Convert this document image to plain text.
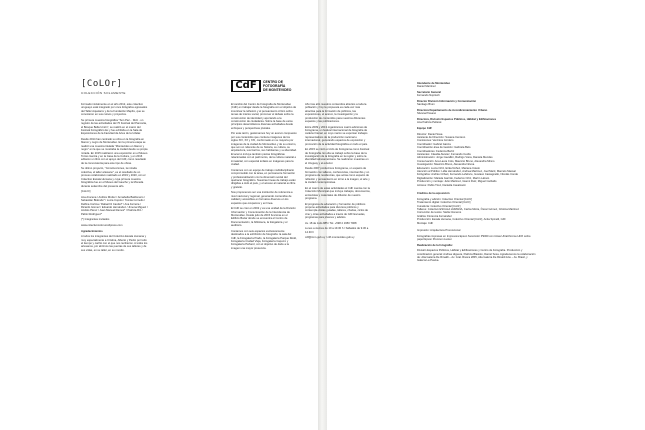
[CoLOr]
COLECCIÓN SOLAMENTE
CdF	CENTRO DE
FOTOGRAFÍA
DE MONTEVIDEO

Formado inicialmente en el año 2012, este colectivo uruguayo está integrado por once fotógrafos egresados del Taller Aquelarre y de la Fundación Mapfre, que se conocieron en sus cursos y proyectos.

Su primera muestra fotográfica "Son Paz... Dicit - un registro de las actividades del 70 Festival del Pancarta, el Bosque Bella Unión", se realizó en el marco del Festival Fotográfico Ex y fue exhibida en la Sala de Exposiciones de la Facultad de Artes de la Udelar.

Desde 2014 han centrado su obra en la fotografía en blanco y negro de Montevideo. En la primera etapa se realizó una muestra titulada "Montevideo en blanco y negro" en la que se mostraba la ciudad desde su propia mirada. En 2015 realizaron una exposición en el Museo Torres García y en la Casa de la Cultura, y en 2016 editaron un libro con el apoyo del CdF, como resultado de la convocatoria para este tipo de obras.

Su último proyecto, "Construcciones, la mirada colectiva, el taller artesano", es el resultado de un proceso colaborativo realizado en 2019 y 2020, con el Colectivo Escala Humana y cuya primera muestra fotográfica fue en el Museo del Gaucho y la Moneda durante setiembre del presente año.

[CoLOr]

Ana Arocena / Andrés Rinder / Annabella Baldomero / Sebastián Bidonde* / Lucía Copolo / Tomás Cornelio / Delfina Cortina / Rafael Di Candel* / Ana Ferreira / Ricardo Gómez / Eduardo Hernández / Jimena Miguez / Andrés Pérez / Juan Manuel Ramos* / Patricia Riz / Pablo Rodríguez*

(*) Integrantes invitados

www.colectivocolor.wordpress.com

Agradecimientos

A todos los integrantes del Colectivo Escala Humana y muy especialmente a Cristina, Alberto y Pedro por todo el tiempo y cariño con el que nos recibieron. A todos los artesanos, por abrirnos las puertas de sus talleres y de sus vidas, en su taller, en su mundo.

El cambio del Centro de Fotografía de Montevideo (CdF) en trabajar desde la fotografía con el objetivo de incentivar la reflexión y el pensamiento crítico sobre temas de interés social, promover el debate sobre la construcción de identidad y aportando a la construcción de ciudadanía. Sobre la base de estos principios desarrollamos diversas actividades desde enfoques y perspectivas plurales.

Por esta razón, gestionamos hoy un acervo compuesto por sus contenidos que contiene imágenes de los siglos XIX, XX y XXI, conformado en su mayoría por imágenes de la ciudad de Montevideo y de su entorno, que son un referente de su historia, su cultura, su arquitectura, sus barrios, sus habitantes y su identidad. El acervo incluye también piezas fotográficas relacionadas con el patrimonio, de la cultura material e inmaterial, con especial énfasis en imágenes para la ciudad.

Contamos con un equipo de trabajo multidisciplinario comprometido con la tarea, en permanente formación y profesionalización con la dimensión social del quehacer fotográfico. Nuestras líneas de trabajo están dirigidas a todo el país, y el acceso al material es libre y gratuito.

Nos proponemos ser una institución de referencia a nivel nacional y regional, generando contenidos de calidad y accesibles en formatos diversos en los espacios que ocupamos y en línea.

El CdF se creó en 2002 y es una unidad de la División Información y Comunicación de la Intendencia de Montevideo. Desde julio de 2015 funciona en el Edificio Bazar donde se encuentra el Centro de Documentación, la biblioteca, la fotogalería y el auditorio.

Contamos con seis espacios exclusivamente destinados a la exhibición de fotografía: la sala del CdF, la Fotogalería Prado, la Fotogalería Parque Rodó, Fotogalería Ciudad Vieja, Fotogalería Capurro y Fotogalería Peñarol, con el objetivo de darle a la imagen una mayor presencia.

Año tras año nuestros contenidos abiertos a toda la población y hoy la propuesta es cada vez más atractiva para la formación de públicos, las exposiciones, el acervo, la investigación y la producción de contenidos para nuestros diferentes espacios y las publicaciones.

Entre 2009 y 2013 organizamos cuatro ediciones de Fotograma, un festival internacional de fotografía de carácter bienal, en cuyo marco se exponían trabajos representativos de la producción nacional e internacional, generando espacios de exposición y promoción de la actividad fotográfica en todo el país.

En 2015 se inició el ciclo de Fotograma como Festival de Fotografía. En ella se trabajó sobre la base de la investigación de la fotografía en la región y sobre la identidad latinoamericana. Se realizaron muestras en el Uruguay y el exterior.

Desde 2007 producimos Fotograma, un espacio de formación con talleres, conferencias, intercambio y un programa de residencias, que actúa como espacio de reflexión y pensamiento en torno a la imagen, el arte y la ciudad contemporánea.

En el marco de estas actividades el CdF cuenta con la Colección Municipal que incluye trabajos, documentos, entrevistas y materiales de difusión de nuestro programa.

El programa de educación y formación de públicos propone actividades para diversos públicos y contempla visitas guiadas, talleres, charlas, ciclos de cine y otras actividades a través de CdF Escuelas, programas para jóvenes y adultos.

Av. 18 de Julio 885 / Tel. +598 2 1950 7968

Lunes a viernes de 10 a 19.30 h / Sábados de 9.30 a 14.30 h

cdf@imm.gub.uy / cdf.montevideo.gub.uy

Intendente de Montevideo
Daniel Martínez

Secretario General
Fernando Nopitsch

Director División Información y Comunicación
Santiago Brum

Directora Departamento de Acondicionamiento Urbano
Silvana Pissano

Directora, División Espacios Públicos, Hábitat y Edificaciones
Ana Patricia Pellerat

Equipo CdF

Director: Daniel Sosa
Asistente de Dirección: Susana Centeno
Comisiones: Verónica Cordero
Coordinador: Gabriel García
Coordinación área de Gestión: Gabriela Belo
Coordinadores: Federica Bertiz
Asistentes: Claudia Alvarez, Fernando Cerdá
Administración: Jorge Cavallini, Rodrigo Viera, Daniela Mendes
Conservación: Ana Laura Colo, Mauricio Bruno, Alexandra Minno
Investigación: Mauricio Bruno, Alexandra Nóvoa
Educación: Lucía Ortiz, Erika Núñez, Mariana Cotelo
Atención al Público: Lidia Hernández, Andrea Martínez, Joel Martí, Marcelo Macsal
Fotógrafos: Andrés Cribari, Fernando Lefebvre, Gustavo Castagnello, Nicolás Conde
Digitalización: Mariela Garrido, Federico Ortiz, Martín Lázaro
Producción y montaje: Julio Martinez, Gianni Ruiz, Miguel Carballo
Actores: Pablo Tirez, Daniella Cavalcanti

Créditos de la exposición

Fotografía y edición: Colectivo Oriental [CoOr]
Tratamiento digital: Colectivo Oriental [CoOr]
Curaduría: Colectivo Oriental [CoOr]
Talleres: Colectivo ESCALA HUMANA, Carlos Moira, Óscar Gómez, Cristina Martínez
Corrección de textos: Stella Cisneros
Gráfica: Florencia Fernández
Producción: Escala Humana, Colectivo Oriental [CoOr], Anita Spinelli, CdF
Montaje: CdF

Impresión: Arquitectura Promocional

Fotografías impresas en Impresora Epson SureColor P9000 con tintas UltraChrome HDX sobre papel Epson Premium Luster.

Realización de la fotografía:

División Espacios Públicos, Hábitat y Edificaciones y Centro de Fotografía. Producción y coordinación general: Andrea Higuera, Patricia Blasiolo, Daniel Sosa. Agradecemos la colaboración de: Alia Galería De Rinaldi – Av. Gral. Rivera 2845, Alia Galería De Rinaldi Arte – Av. Brasil, y Galería La Pasiva.
